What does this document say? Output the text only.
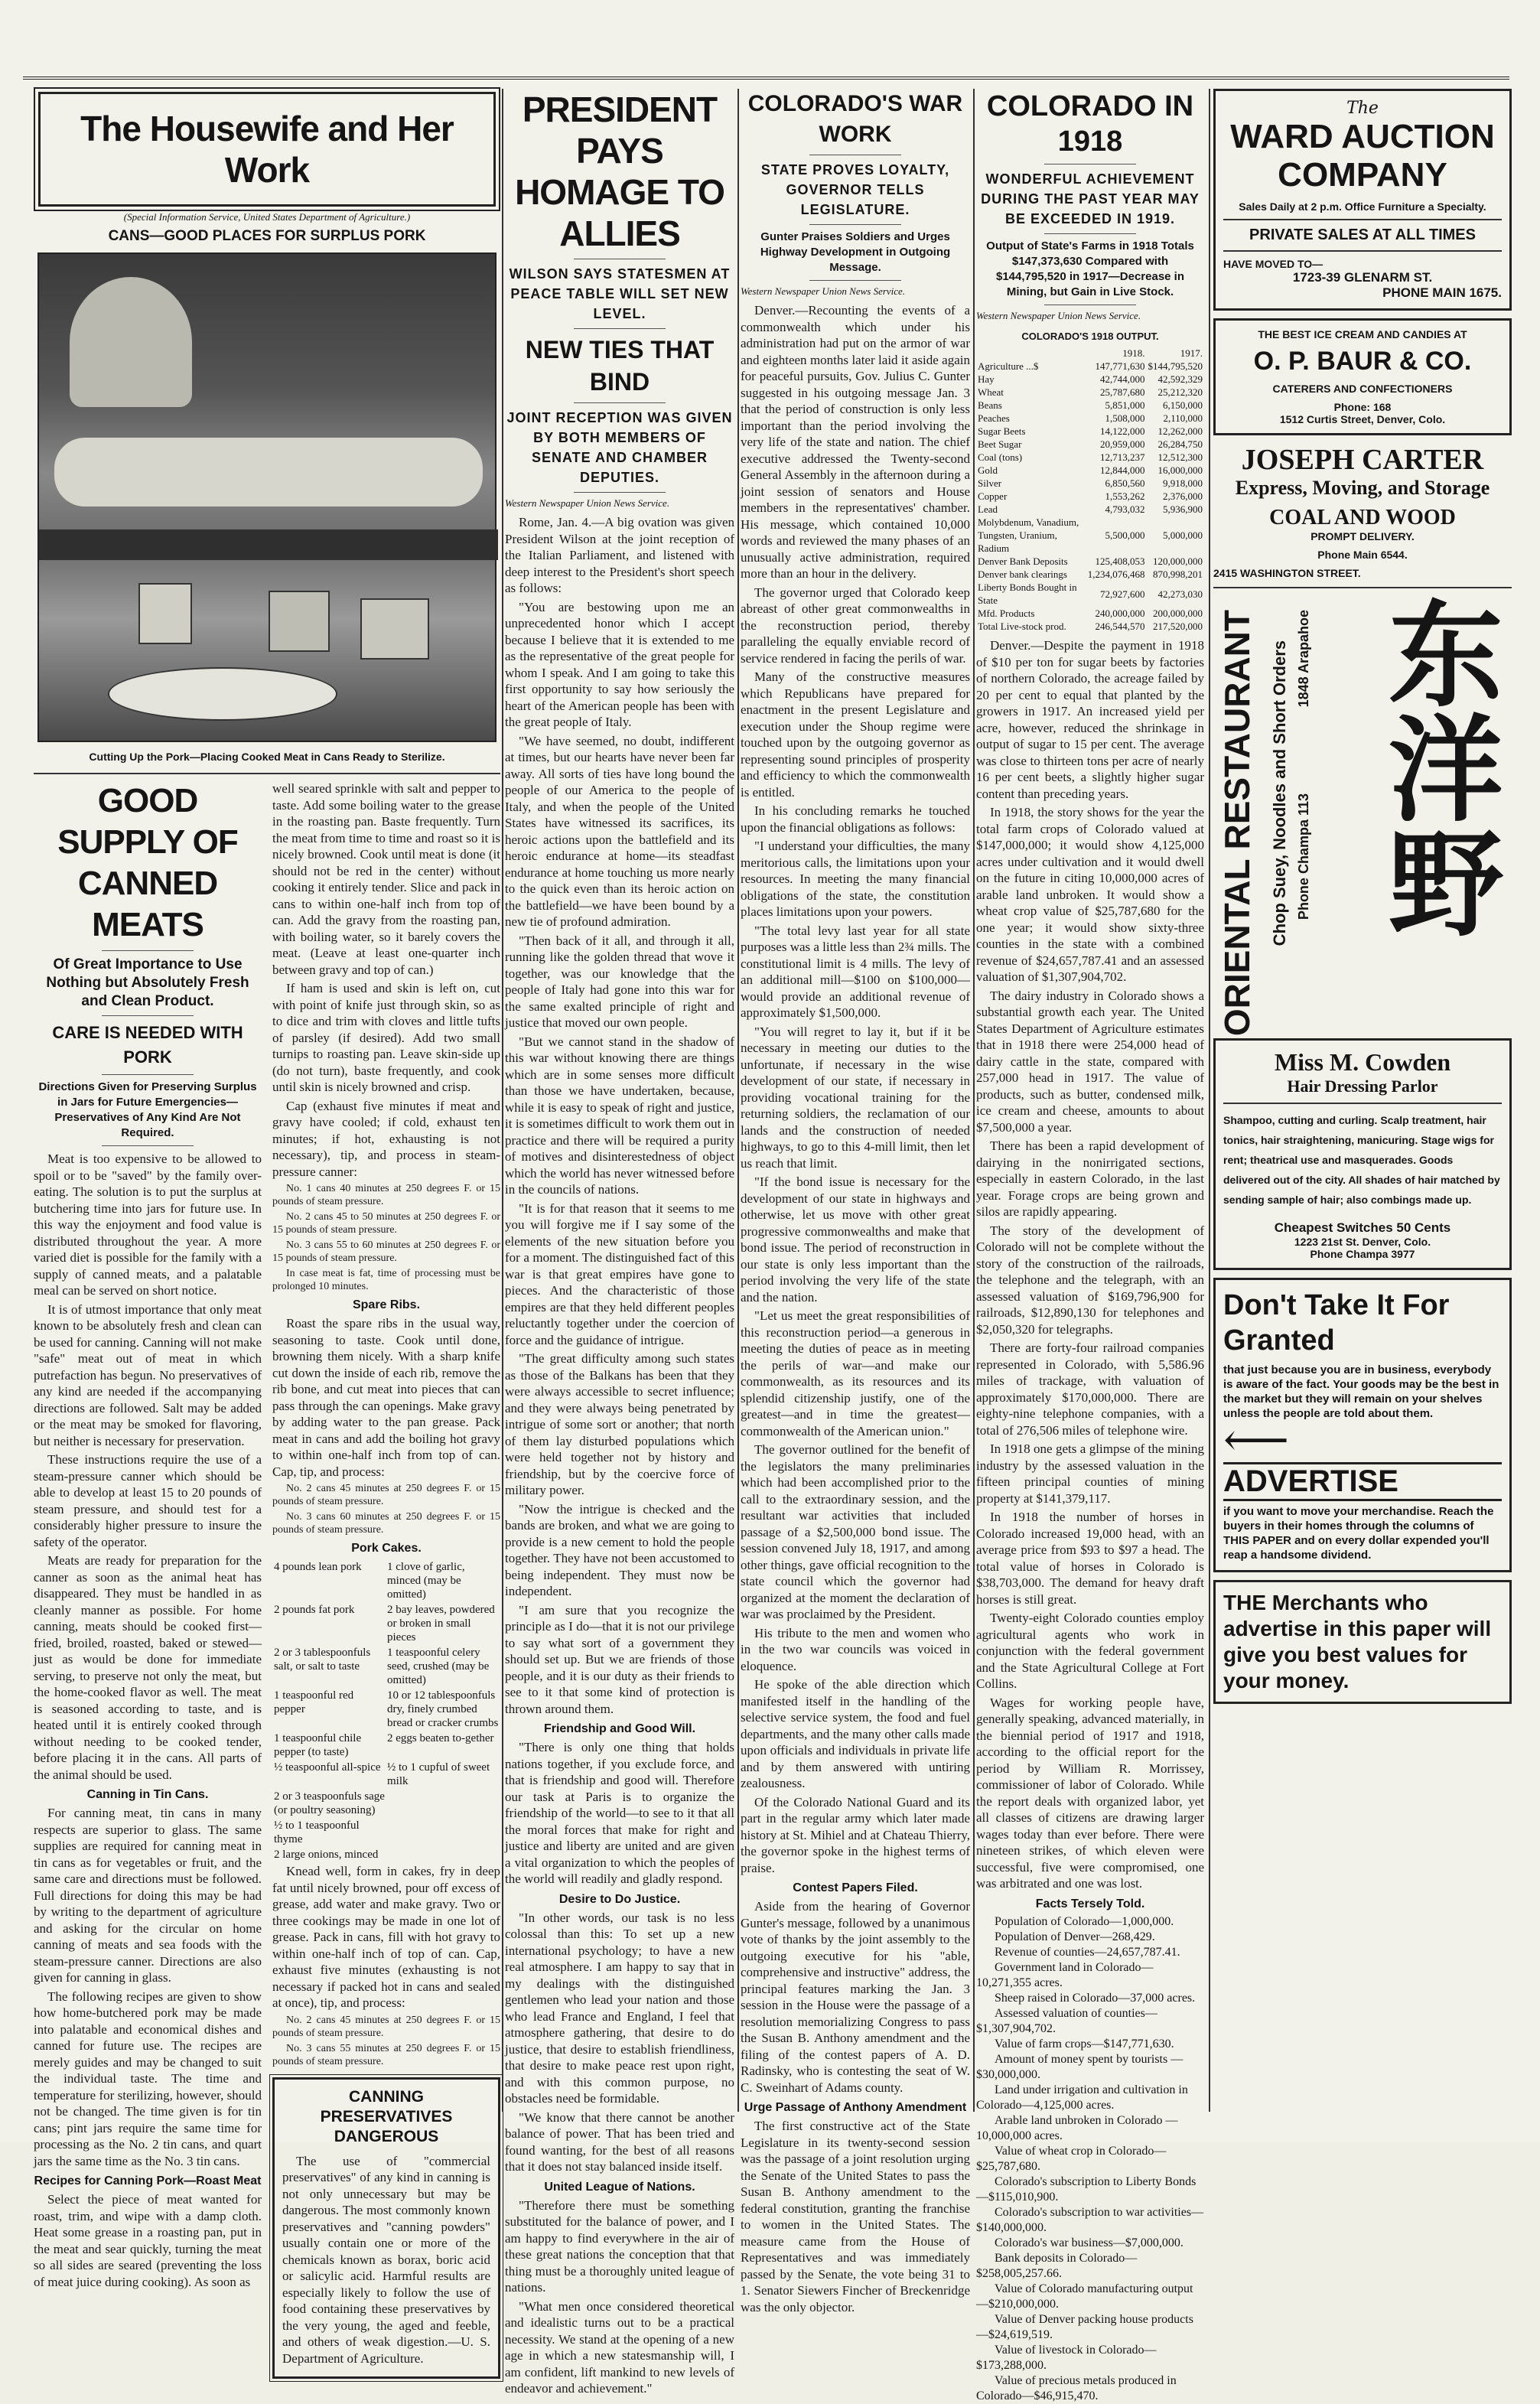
The Housewife and Her Work
(Special Information Service, United States Department of Agriculture.)
CANS—GOOD PLACES FOR SURPLUS PORK
Cutting Up the Pork—Placing Cooked Meat in Cans Ready to Sterilize.
GOOD SUPPLY OF CANNED MEATS
Of Great Importance to Use Nothing but Absolutely Fresh and Clean Product.
CARE IS NEEDED WITH PORK
Directions Given for Preserving Surplus in Jars for Future Emergencies—Preservatives of Any Kind Are Not Required.

Meat is too expensive to be allowed to spoil or to be "saved" by the family over-eating. The solution is to put the surplus at butchering time into jars for future use. In this way the enjoyment and food value is distributed throughout the year. A more varied diet is possible for the family with a supply of canned meats, and a palatable meal can be served on short notice.

It is of utmost importance that only meat known to be absolutely fresh and clean can be used for canning. Canning will not make "safe" meat out of meat in which putrefaction has begun. No preservatives of any kind are needed if the accompanying directions are followed. Salt may be added or the meat may be smoked for flavoring, but neither is necessary for preservation.

These instructions require the use of a steam-pressure canner which should be able to develop at least 15 to 20 pounds of steam pressure, and should test for a considerably higher pressure to insure the safety of the operator.

Meats are ready for preparation for the canner as soon as the animal heat has disappeared. They must be handled in as cleanly manner as possible. For home canning, meats should be cooked first—fried, broiled, roasted, baked or stewed—just as would be done for immediate serving, to preserve not only the meat, but the home-cooked flavor as well. The meat is seasoned according to taste, and is heated until it is entirely cooked through without needing to be cooked tender, before placing it in the cans. All parts of the animal should be used.

Canning in Tin Cans.

For canning meat, tin cans in many respects are superior to glass. The same supplies are required for canning meat in tin cans as for vegetables or fruit, and the same care and directions must be followed. Full directions for doing this may be had by writing to the department of agriculture and asking for the circular on home canning of meats and sea foods with the steam-pressure canner. Directions are also given for canning in glass.

The following recipes are given to show how home-butchered pork may be made into palatable and economical dishes and canned for future use. The recipes are merely guides and may be changed to suit the individual taste. The time and temperature for sterilizing, however, should not be changed. The time given is for tin cans; pint jars require the same time for processing as the No. 2 tin cans, and quart jars the same time as the No. 3 tin cans.

Recipes for Canning Pork—Roast Meat

Select the piece of meat wanted for roast, trim, and wipe with a damp cloth. Heat some grease in a roasting pan, put in the meat and sear quickly, turning the meat so all sides are seared (preventing the loss of meat juice during cooking). As soon as

well seared sprinkle with salt and pepper to taste. Add some boiling water to the grease in the roasting pan. Baste frequently. Turn the meat from time to time and roast so it is nicely browned. Cook until meat is done (it should not be red in the center) without cooking it entirely tender. Slice and pack in cans to within one-half inch from top of can. Add the gravy from the roasting pan, with boiling water, so it barely covers the meat. (Leave at least one-quarter inch between gravy and top of can.)

If ham is used and skin is left on, cut with point of knife just through skin, so as to dice and trim with cloves and little tufts of parsley (if desired). Add two small turnips to roasting pan. Leave skin-side up (do not turn), baste frequently, and cook until skin is nicely browned and crisp.

Cap (exhaust five minutes if meat and gravy have cooled; if cold, exhaust ten minutes; if hot, exhausting is not necessary), tip, and process in steam-pressure canner:

No. 1 cans 40 minutes at 250 degrees F. or 15 pounds of steam pressure.

No. 2 cans 45 to 50 minutes at 250 degrees F. or 15 pounds of steam pressure.

No. 3 cans 55 to 60 minutes at 250 degrees F. or 15 pounds of steam pressure.

In case meat is fat, time of processing must be prolonged 10 minutes.

Spare Ribs.

Roast the spare ribs in the usual way, seasoning to taste. Cook until done, browning them nicely. With a sharp knife cut down the inside of each rib, remove the rib bone, and cut meat into pieces that can pass through the can openings. Make gravy by adding water to the pan grease. Pack meat in cans and add the boiling hot gravy to within one-half inch from top of can. Cap, tip, and process:

No. 2 cans 45 minutes at 250 degrees F. or 15 pounds of steam pressure.

No. 3 cans 60 minutes at 250 degrees F. or 15 pounds of steam pressure.

Pork Cakes.
4 pounds lean pork	1 clove of garlic, minced (may be omitted)
2 pounds fat pork	2 bay leaves, powdered or broken in small pieces
2 or 3 tablespoonfuls salt, or salt to taste	1 teaspoonful celery seed, crushed (may be omitted)
1 teaspoonful red pepper	10 or 12 tablespoonfuls dry, finely crumbed bread or cracker crumbs
1 teaspoonful chile pepper (to taste)	2 eggs beaten to-gether
½ teaspoonful all-spice	½ to 1 cupful of sweet milk
2 or 3 teaspoonfuls sage (or poultry seasoning)	
½ to 1 teaspoonful thyme	
2 large onions, minced	

Knead well, form in cakes, fry in deep fat until nicely browned, pour off excess of grease, add water and make gravy. Two or three cookings may be made in one lot of grease. Pack in cans, fill with hot gravy to within one-half inch of top of can. Cap, exhaust five minutes (exhausting is not necessary if packed hot in cans and sealed at once), tip, and process:

No. 2 cans 45 minutes at 250 degrees F. or 15 pounds of steam pressure.

No. 3 cans 55 minutes at 250 degrees F. or 15 pounds of steam pressure.

CANNING PRESERVATIVES DANGEROUS

The use of "commercial preservatives" of any kind in canning is not only unnecessary but may be dangerous. The most commonly known preservatives and "canning powders" usually contain one or more of the chemicals known as borax, boric acid or salicylic acid. Harmful results are especially likely to follow the use of food containing these preservatives by the very young, the aged and feeble, and others of weak digestion.—U. S. Department of Agriculture.

PRESIDENT PAYS HOMAGE TO ALLIES
WILSON SAYS STATESMEN AT PEACE TABLE WILL SET NEW LEVEL.
NEW TIES THAT BIND
JOINT RECEPTION WAS GIVEN BY BOTH MEMBERS OF SENATE AND CHAMBER DEPUTIES.
Western Newspaper Union News Service.

Rome, Jan. 4.—A big ovation was given President Wilson at the joint reception of the Italian Parliament, and listened with deep interest to the President's short speech as follows:

"You are bestowing upon me an unprecedented honor which I accept because I believe that it is extended to me as the representative of the great people for whom I speak. And I am going to take this first opportunity to say how seriously the heart of the American people has been with the great people of Italy.

"We have seemed, no doubt, indifferent at times, but our hearts have never been far away. All sorts of ties have long bound the people of our America to the people of Italy, and when the people of the United States have witnessed its sacrifices, its heroic actions upon the battlefield and its heroic endurance at home—its steadfast endurance at home touching us more nearly to the quick even than its heroic action on the battlefield—we have been bound by a new tie of profound admiration.

"Then back of it all, and through it all, running like the golden thread that wove it together, was our knowledge that the people of Italy had gone into this war for the same exalted principle of right and justice that moved our own people.

"But we cannot stand in the shadow of this war without knowing there are things which are in some senses more difficult than those we have undertaken, because, while it is easy to speak of right and justice, it is sometimes difficult to work them out in practice and there will be required a purity of motives and disinterestedness of object which the world has never witnessed before in the councils of nations.

"It is for that reason that it seems to me you will forgive me if I say some of the elements of the new situation before you for a moment. The distinguished fact of this war is that great empires have gone to pieces. And the characteristic of those empires are that they held different peoples reluctantly together under the coercion of force and the guidance of intrigue.

"The great difficulty among such states as those of the Balkans has been that they were always accessible to secret influence; and they were always being penetrated by intrigue of some sort or another; that north of them lay disturbed populations which were held together not by history and friendship, but by the coercive force of military power.

"Now the intrigue is checked and the bands are broken, and what we are going to provide is a new cement to hold the people together. They have not been accustomed to being independent. They must now be independent.

"I am sure that you recognize the principle as I do—that it is not our privilege to say what sort of a government they should set up. But we are friends of those people, and it is our duty as their friends to see to it that some kind of protection is thrown around them.

Friendship and Good Will.

"There is only one thing that holds nations together, if you exclude force, and that is friendship and good will. Therefore our task at Paris is to organize the friendship of the world—to see to it that all the moral forces that make for right and justice and liberty are united and are given a vital organization to which the peoples of the world will readily and gladly respond.

Desire to Do Justice.

"In other words, our task is no less colossal than this: To set up a new international psychology; to have a new real atmosphere. I am happy to say that in my dealings with the distinguished gentlemen who lead your nation and those who lead France and England, I feel that atmosphere gathering, that desire to do justice, that desire to establish friendliness, that desire to make peace rest upon right, and with this common purpose, no obstacles need be formidable.

"We know that there cannot be another balance of power. That has been tried and found wanting, for the best of all reasons that it does not stay balanced inside itself.

United League of Nations.

"Therefore there must be something substituted for the balance of power, and I am happy to find everywhere in the air of these great nations the conception that that thing must be a thoroughly united league of nations.

"What men once considered theoretical and idealistic turns out to be a practical necessity. We stand at the opening of a new age in which a new statesmanship will, I am confident, lift mankind to new levels of endeavor and achievement."

COLORADO'S WAR WORK
STATE PROVES LOYALTY, GOVERNOR TELLS LEGISLATURE.
Gunter Praises Soldiers and Urges Highway Development in Outgoing Message.
Western Newspaper Union News Service.

Denver.—Recounting the events of a commonwealth which under his administration had put on the armor of war and eighteen months later laid it aside again for peaceful pursuits, Gov. Julius C. Gunter suggested in his outgoing message Jan. 3 that the period of construction is only less important than the period involving the very life of the state and nation. The chief executive addressed the Twenty-second General Assembly in the afternoon during a joint session of senators and House members in the representatives' chamber. His message, which contained 10,000 words and reviewed the many phases of an unusually active administration, required more than an hour in the delivery.

The governor urged that Colorado keep abreast of other great commonwealths in the reconstruction period, thereby paralleling the equally enviable record of service rendered in facing the perils of war.

Many of the constructive measures which Republicans have prepared for enactment in the present Legislature and execution under the Shoup regime were touched upon by the outgoing governor as representing sound principles of prosperity and efficiency to which the commonwealth is entitled.

In his concluding remarks he touched upon the financial obligations as follows:

"I understand your difficulties, the many meritorious calls, the limitations upon your resources. In meeting the many financial obligations of the state, the constitution places limitations upon your powers.

"The total levy last year for all state purposes was a little less than 2¾ mills. The constitutional limit is 4 mills. The levy of an additional mill—$100 on $100,000—would provide an additional revenue of approximately $1,500,000.

"You will regret to lay it, but if it be necessary in meeting our duties to the unfortunate, if necessary in the wise development of our state, if necessary in providing vocational training for the returning soldiers, the reclamation of our lands and the construction of needed highways, to go to this 4-mill limit, then let us reach that limit.

"If the bond issue is necessary for the development of our state in highways and otherwise, let us move with other great progressive commonwealths and make that bond issue. The period of reconstruction in our state is only less important than the period involving the very life of the state and the nation.

"Let us meet the great responsibilities of this reconstruction period—a generous in meeting the duties of peace as in meeting the perils of war—and make our commonwealth, as its resources and its splendid citizenship justify, one of the greatest—and in time the greatest—commonwealth of the American union."

The governor outlined for the benefit of the legislators the many preliminaries which had been accomplished prior to the call to the extraordinary session, and the resultant war activities that included passage of a $2,500,000 bond issue. The session convened July 18, 1917, and among other things, gave official recognition to the state council which the governor had organized at the moment the declaration of war was proclaimed by the President.

His tribute to the men and women who in the two war councils was voiced in eloquence.

He spoke of the able direction which manifested itself in the handling of the selective service system, the food and fuel departments, and the many other calls made upon officials and individuals in private life and by them answered with untiring zealousness.

Of the Colorado National Guard and its part in the regular army which later made history at St. Mihiel and at Chateau Thierry, the governor spoke in the highest terms of praise.

Contest Papers Filed.

Aside from the hearing of Governor Gunter's message, followed by a unanimous vote of thanks by the joint assembly to the outgoing executive for his "able, comprehensive and instructive" address, the principal features marking the Jan. 3 session in the House were the passage of a resolution memorializing Congress to pass the Susan B. Anthony amendment and the filing of the contest papers of A. D. Radinsky, who is contesting the seat of W. C. Sweinhart of Adams county.

Urge Passage of Anthony Amendment

The first constructive act of the State Legislature in its twenty-second session was the passage of a joint resolution urging the Senate of the United States to pass the Susan B. Anthony amendment to the federal constitution, granting the franchise to women in the United States. The measure came from the House of Representatives and was immediately passed by the Senate, the vote being 31 to 1. Senator Siewers Fincher of Breckenridge was the only objector.

COLORADO IN 1918
WONDERFUL ACHIEVEMENT DURING THE PAST YEAR MAY BE EXCEEDED IN 1919.
Output of State's Farms in 1918 Totals $147,373,630 Compared with $144,795,520 in 1917—Decrease in Mining, but Gain in Live Stock.
Western Newspaper Union News Service.
COLORADO'S 1918 OUTPUT.
	1918.	1917.
Agriculture ...$	147,771,630	$144,795,520
Hay	42,744,000	42,592,329
Wheat	25,787,680	25,212,320
Beans	5,851,000	6,150,000
Peaches	1,508,000	2,110,000
Sugar Beets	14,122,000	12,262,000
Beet Sugar	20,959,000	26,284,750
Coal (tons)	12,713,237	12,512,300
Gold	12,844,000	16,000,000
Silver	6,850,560	9,918,000
Copper	1,553,262	2,376,000
Lead	4,793,032	5,936,900
Molybdenum, Vanadium, Tungsten, Uranium, Radium	5,500,000	5,000,000
Denver Bank Deposits	125,408,053	120,000,000
Denver bank clearings	1,234,076,468	870,998,201
Liberty Bonds Bought in State	72,927,600	42,273,030
Mfd. Products	240,000,000	200,000,000
Total Live-stock prod.	246,544,570	217,520,000

Denver.—Despite the payment in 1918 of $10 per ton for sugar beets by factories of northern Colorado, the acreage failed by 20 per cent to equal that planted by the growers in 1917. An increased yield per acre, however, reduced the shrinkage in output of sugar to 15 per cent. The average was close to thirteen tons per acre of nearly 16 per cent beets, a slightly higher sugar content than preceding years.

In 1918, the story shows for the year the total farm crops of Colorado valued at $147,000,000; it would show 4,125,000 acres under cultivation and it would dwell on the future in citing 10,000,000 acres of arable land unbroken. It would show a wheat crop value of $25,787,680 for the one year; it would show sixty-three counties in the state with a combined revenue of $24,657,787.41 and an assessed valuation of $1,307,904,702.

The dairy industry in Colorado shows a substantial growth each year. The United States Department of Agriculture estimates that in 1918 there were 254,000 head of dairy cattle in the state, compared with 257,000 head in 1917. The value of products, such as butter, condensed milk, ice cream and cheese, amounts to about $7,500,000 a year.

There has been a rapid development of dairying in the nonirrigated sections, especially in eastern Colorado, in the last year. Forage crops are being grown and silos are rapidly appearing.

The story of the development of Colorado will not be complete without the story of the construction of the railroads, the telephone and the telegraph, with an assessed valuation of $169,796,900 for railroads, $12,890,130 for telephones and $2,050,320 for telegraphs.

There are forty-four railroad companies represented in Colorado, with 5,586.96 miles of trackage, with valuation of approximately $170,000,000. There are eighty-nine telephone companies, with a total of 276,506 miles of telephone wire.

In 1918 one gets a glimpse of the mining industry by the assessed valuation in the fifteen principal counties of mining property at $141,379,117.

In 1918 the number of horses in Colorado increased 19,000 head, with an average price from $93 to $97 a head. The total value of horses in Colorado is $38,703,000. The demand for heavy draft horses is still great.

Twenty-eight Colorado counties employ agricultural agents who work in conjunction with the federal government and the State Agricultural College at Fort Collins.

Wages for working people have, generally speaking, advanced materially, in the biennial period of 1917 and 1918, according to the official report for the period by William R. Morrissey, commissioner of labor of Colorado. While the report deals with organized labor, yet all classes of citizens are drawing larger wages today than ever before. There were nineteen strikes, of which eleven were successful, five were compromised, one was arbitrated and one was lost.

Facts Tersely Told.

Population of Colorado—1,000,000.

Population of Denver—268,429.

Revenue of counties—24,657,787.41.

Government land in Colorado—10,271,355 acres.

Sheep raised in Colorado—37,000 acres.

Assessed valuation of counties—$1,307,904,702.

Value of farm crops—$147,771,630.

Amount of money spent by tourists —$30,000,000.

Land under irrigation and cultivation in Colorado—4,125,000 acres.

Arable land unbroken in Colorado —10,000,000 acres.

Value of wheat crop in Colorado—$25,787,680.

Colorado's subscription to Liberty Bonds—$115,010,900.

Colorado's subscription to war activities—$140,000,000.

Colorado's war business—$7,000,000.

Bank deposits in Colorado—$258,005,257.66.

Value of Colorado manufacturing output—$210,000,000.

Value of Denver packing house products—$24,619,519.

Value of livestock in Colorado—$173,288,000.

Value of precious metals produced in Colorado—$46,915,470.

The
WARD AUCTION COMPANY
Sales Daily at 2 p.m. Office Furniture a Specialty.
PRIVATE SALES AT ALL TIMES
HAVE MOVED TO—
1723-39 GLENARM ST.
PHONE MAIN 1675.
THE BEST ICE CREAM AND CANDIES AT
O. P. BAUR & CO.
CATERERS AND CONFECTIONERS
Phone: 168
1512 Curtis Street, Denver, Colo.
JOSEPH CARTER
Express, Moving, and Storage
COAL AND WOOD
PROMPT DELIVERY.
Phone Main 6544.
2415 WASHINGTON STREET.
ORIENTAL RESTAURANT Chop Suey, Noodles and Short Orders Phone Champa 113
1848 Arapahoe 东洋野
Miss M. Cowden
Hair Dressing Parlor
Shampoo, cutting and curling. Scalp treatment, hair tonics, hair straightening, manicuring. Stage wigs for rent; theatrical use and masquerades. Goods delivered out of the city. All shades of hair matched by sending sample of hair; also combings made up.
Cheapest Switches 50 Cents
1223 21st St. Denver, Colo.
Phone Champa 3977
Don't Take It For Granted
that just because you are in business, everybody is aware of the fact. Your goods may be the best in the market but they will remain on your shelves unless the people are told about them.
⟵
ADVERTISE
if you want to move your merchandise. Reach the buyers in their homes through the columns of THIS PAPER and on every dollar expended you'll reap a handsome dividend.
THE Merchants who advertise in this paper will give you best values for your money.
